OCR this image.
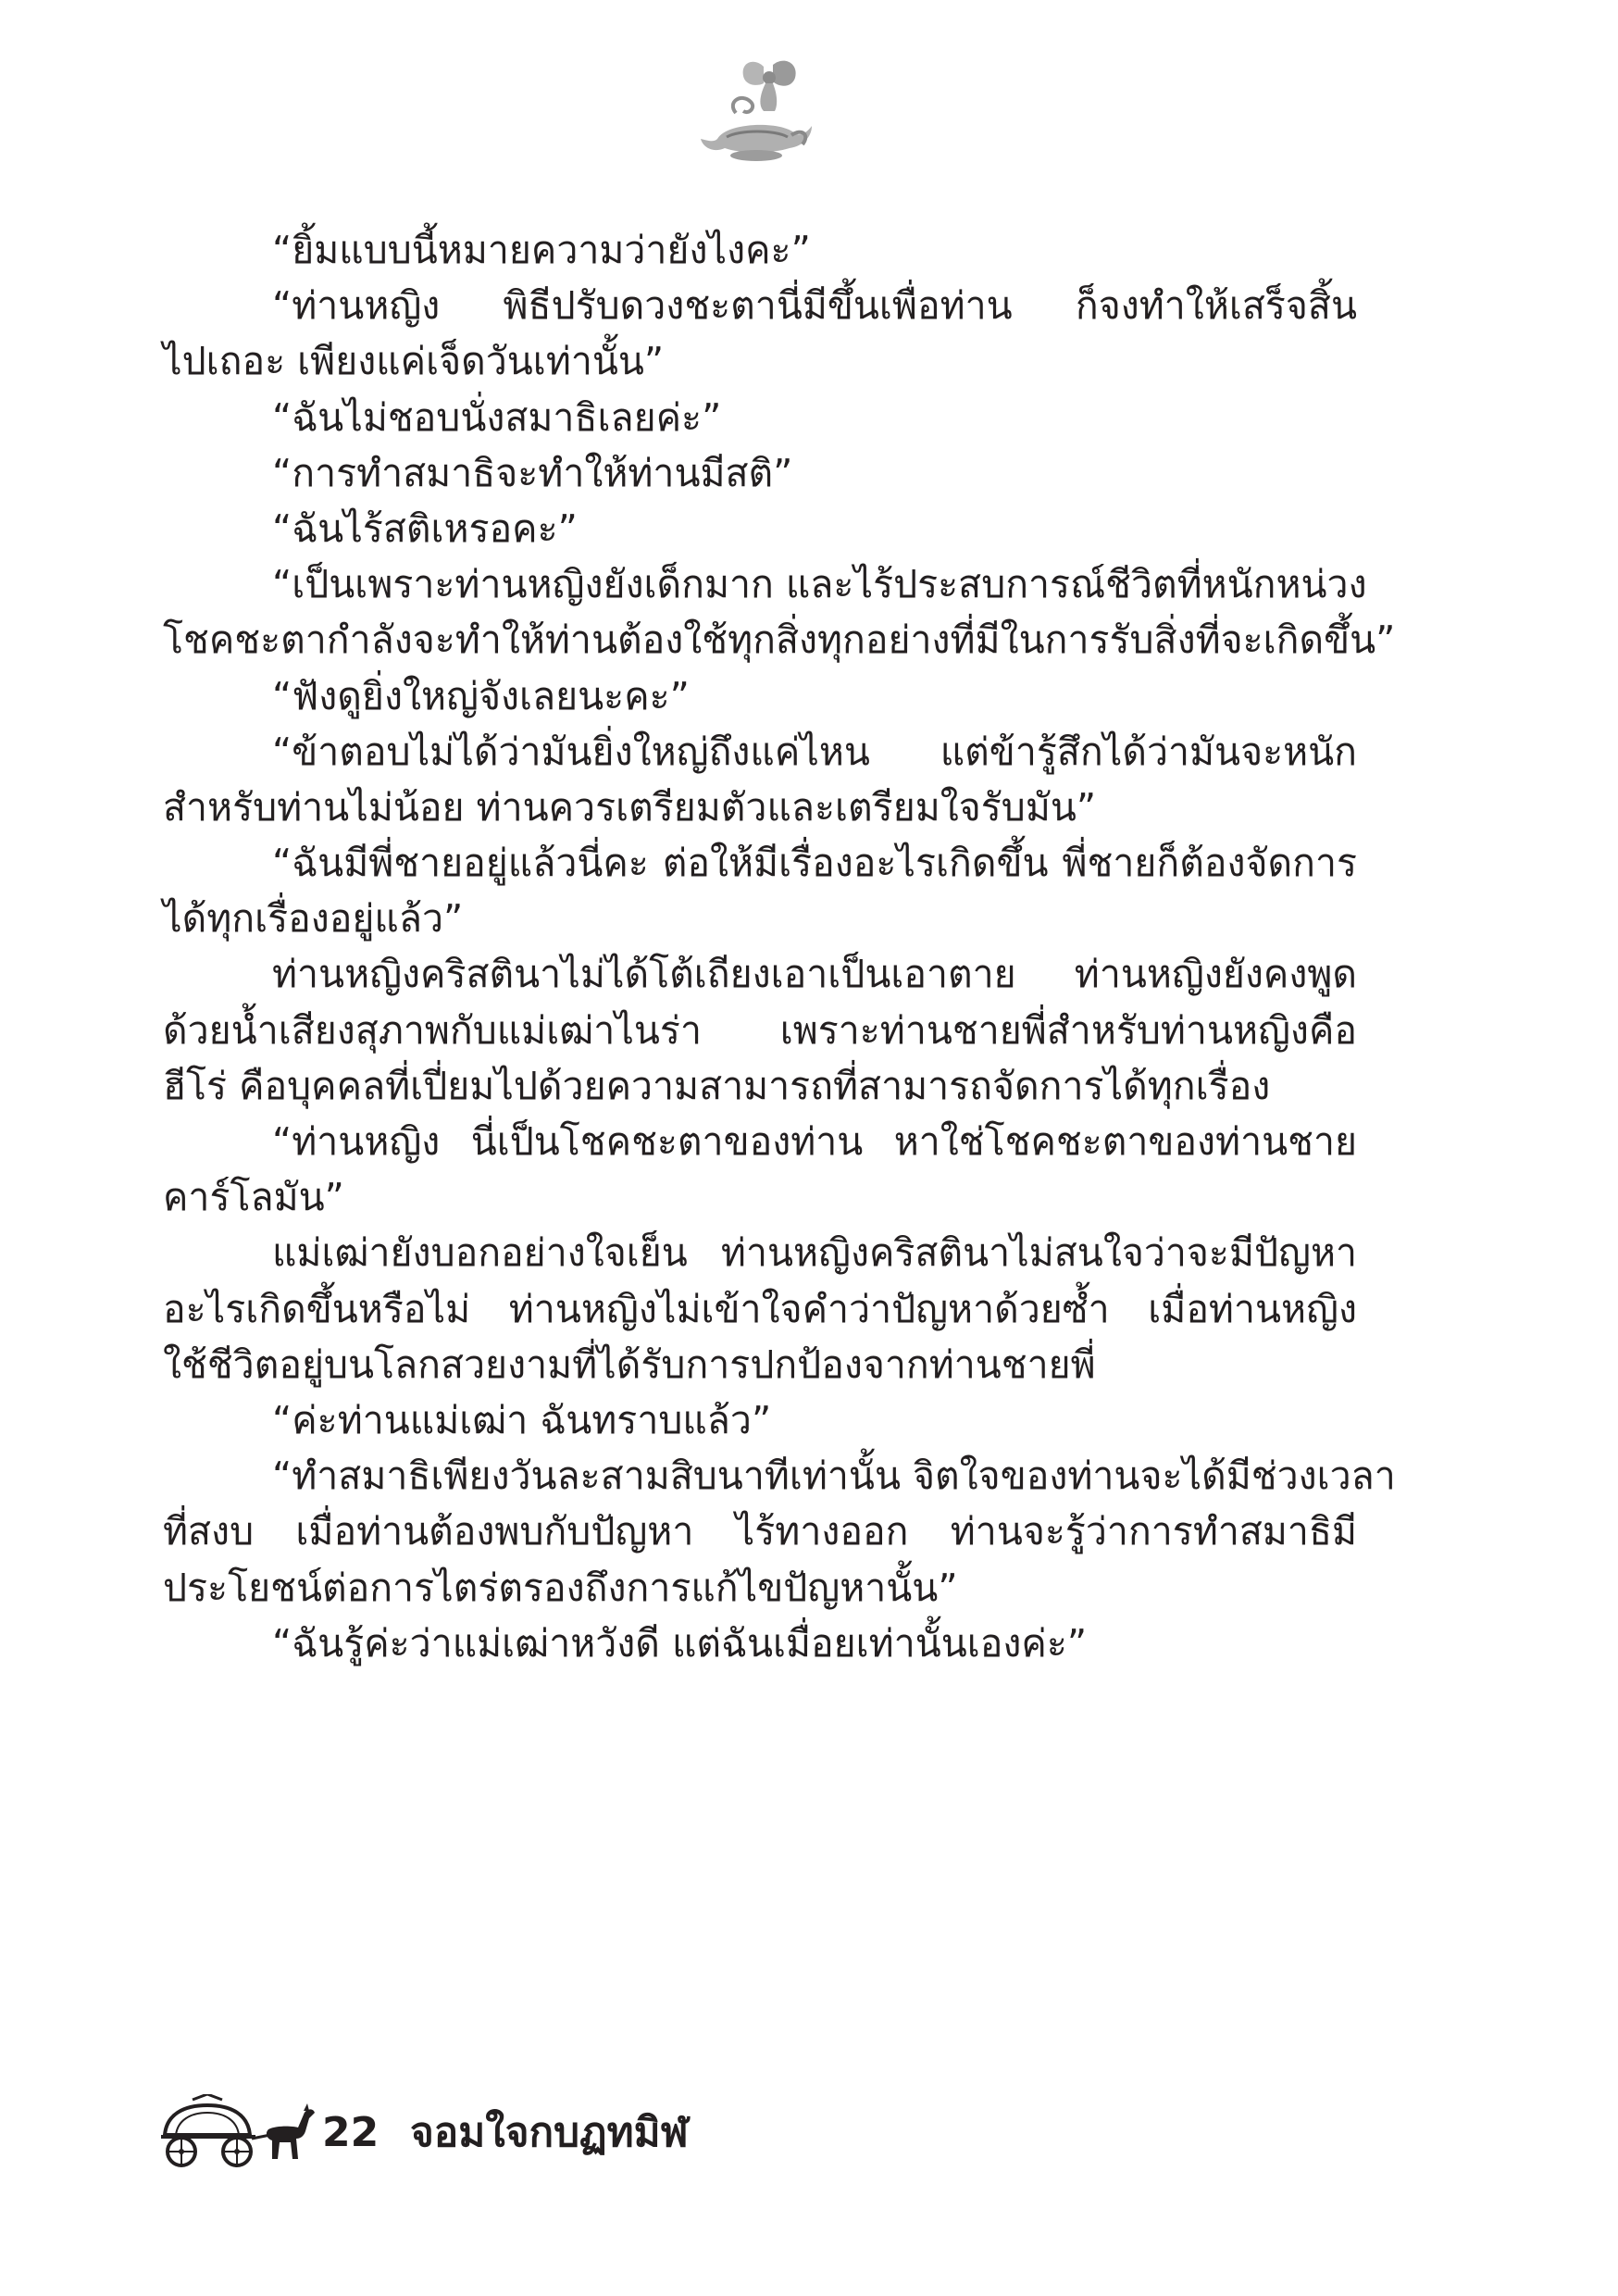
“ยิ้มแบบนี้หมายความว่ายังไงคะ”
“ท่านหญิง พิธีปรับดวงชะตานี่มีขึ้นเพื่อท่าน ก็จงทำให้เสร็จสิ้น
ไปเถอะ เพียงแค่เจ็ดวันเท่านั้น”
“ฉันไม่ชอบนั่งสมาธิเลยค่ะ”
“การทำสมาธิจะทำให้ท่านมีสติ”
“ฉันไร้สติเหรอคะ”
“เป็นเพราะท่านหญิงยังเด็กมาก และไร้ประสบการณ์ชีวิตที่หนักหน่วง
โชคชะตากำลังจะทำให้ท่านต้องใช้ทุกสิ่งทุกอย่างที่มีในการรับสิ่งที่จะเกิดขึ้น”
“ฟังดูยิ่งใหญ่จังเลยนะคะ”
“ข้าตอบไม่ได้ว่ามันยิ่งใหญ่ถึงแค่ไหน แต่ข้ารู้สึกได้ว่ามันจะหนัก
สำหรับท่านไม่น้อย ท่านควรเตรียมตัวและเตรียมใจรับมัน”
“ฉันมีพี่ชายอยู่แล้วนี่คะ ต่อให้มีเรื่องอะไรเกิดขึ้น พี่ชายก็ต้องจัดการ
ได้ทุกเรื่องอยู่แล้ว”
ท่านหญิงคริสตินาไม่ได้โต้เถียงเอาเป็นเอาตาย ท่านหญิงยังคงพูด
ด้วยน้ำเสียงสุภาพกับแม่เฒ่าไนร่า เพราะท่านชายพี่สำหรับท่านหญิงคือ
ฮีโร่ คือบุคคลที่เปี่ยมไปด้วยความสามารถที่สามารถจัดการได้ทุกเรื่อง
“ท่านหญิง นี่เป็นโชคชะตาของท่าน หาใช่โชคชะตาของท่านชาย
คาร์โลมัน”
แม่เฒ่ายังบอกอย่างใจเย็น ท่านหญิงคริสตินาไม่สนใจว่าจะมีปัญหา
อะไรเกิดขึ้นหรือไม่ ท่านหญิงไม่เข้าใจคำว่าปัญหาด้วยซ้ำ เมื่อท่านหญิง
ใช้ชีวิตอยู่บนโลกสวยงามที่ได้รับการปกป้องจากท่านชายพี่
“ค่ะท่านแม่เฒ่า ฉันทราบแล้ว”
“ทำสมาธิเพียงวันละสามสิบนาทีเท่านั้น จิตใจของท่านจะได้มีช่วงเวลา
ที่สงบ เมื่อท่านต้องพบกับปัญหา ไร้ทางออก ท่านจะรู้ว่าการทำสมาธิมี
ประโยชน์ต่อการไตร่ตรองถึงการแก้ไขปัญหานั้น”
“ฉันรู้ค่ะว่าแม่เฒ่าหวังดี แต่ฉันเมื่อยเท่านั้นเองค่ะ”
22 จอมใจกบฏทมิฬ
